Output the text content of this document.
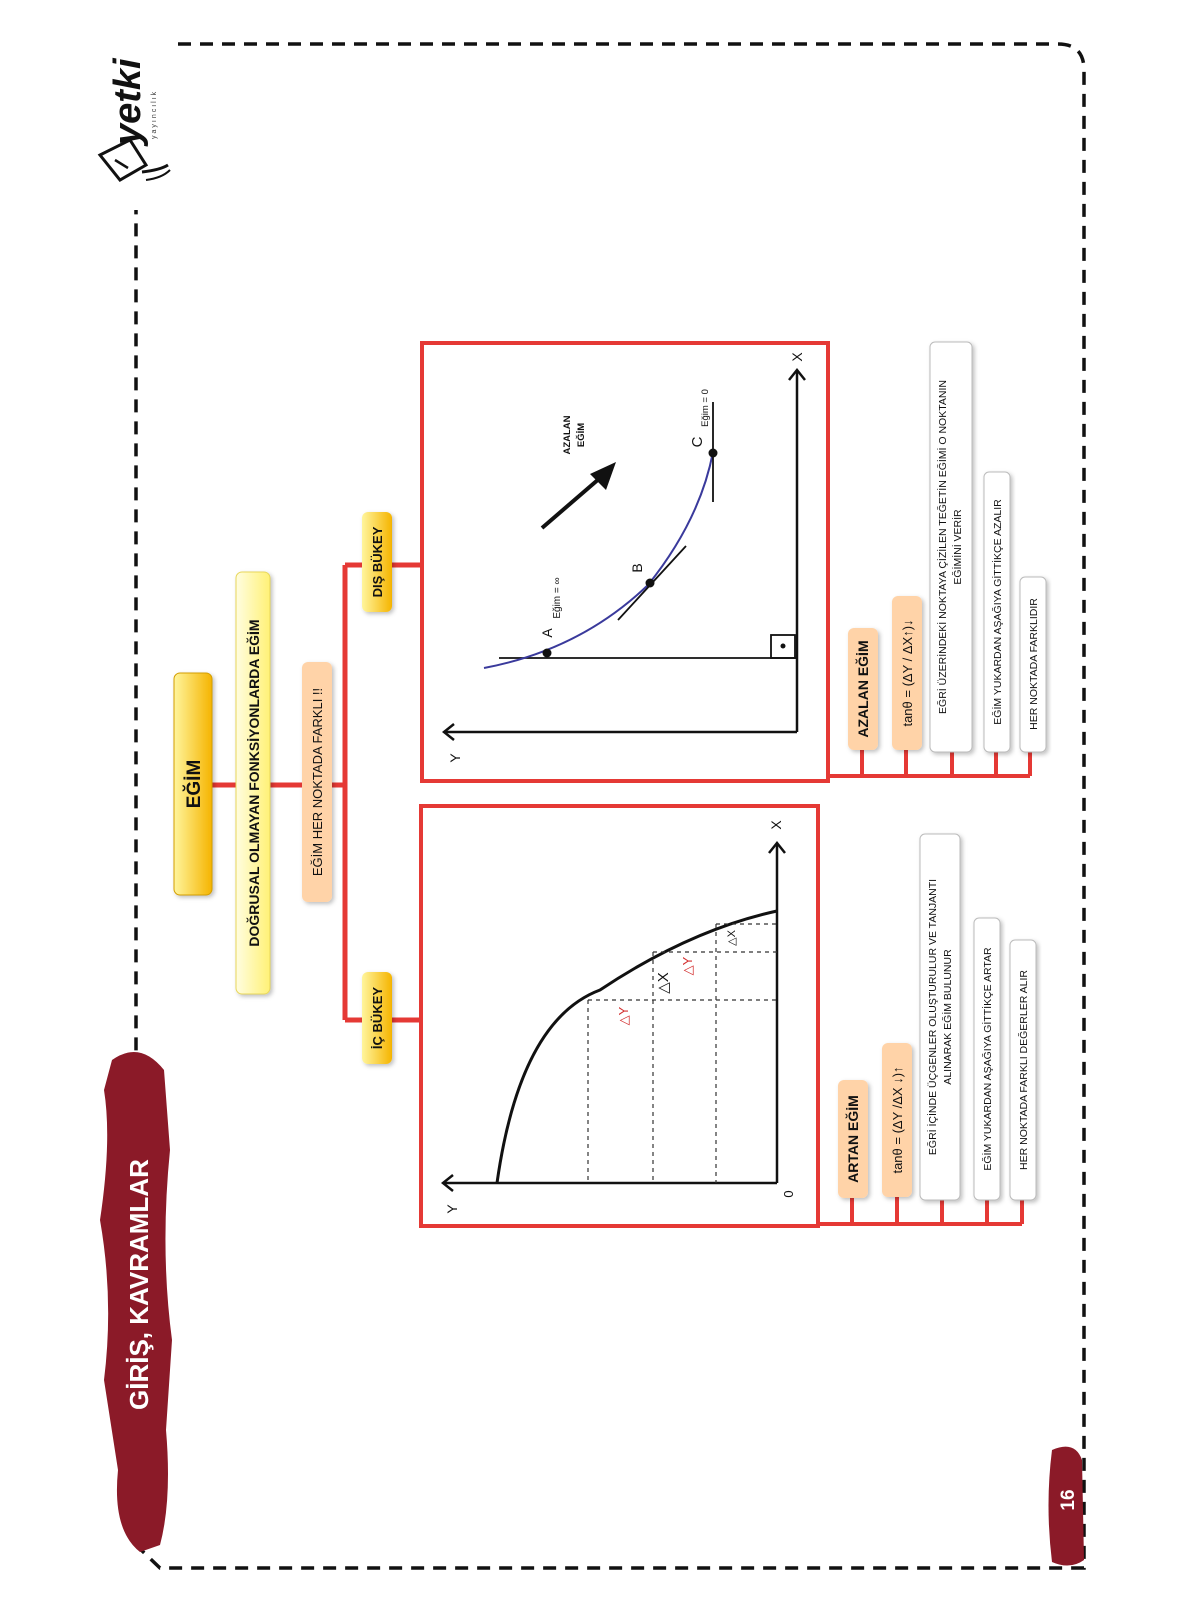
yetki yayıncılık
GİRİŞ, KAVRAMLAR
16
EĞİM	DOĞRUSAL OLMAYAN FONKSİYONLARDA EĞİM	EĞİM HER NOKTADA FARKLI !!
DIŞ BÜKEY
İÇ BÜKEY	△Y
△X
△Y
△X
Y
0
X
ARTAN EĞİM tanθ = (ΔY /ΔX ↓)↑ EĞRİ İÇİNDE ÜÇGENLER OLUŞTURULUR VE TANJANTI ALINARAK EĞİM BULUNUR	EĞİM YUKARDAN AŞAĞIYA GİTTİKÇE ARTAR HER NOKTADA FARKLI DEĞERLER ALIR
A
Eğim = ∞
B
C
Eğim = 0
AZALAN EĞİM
Y
X
AZALAN EĞİM tanθ = (ΔY / ΔX↑)↓ EĞRİ ÜZERİNDEKİ NOKTAYA ÇİZİLEN TEĞETİN EĞİMİ O NOKTANIN EĞİMİNİ VERİR	EĞİM YUKARDAN AŞAĞIYA GİTTİKÇE AZALIR HER NOKTADA FARKLIDIR
